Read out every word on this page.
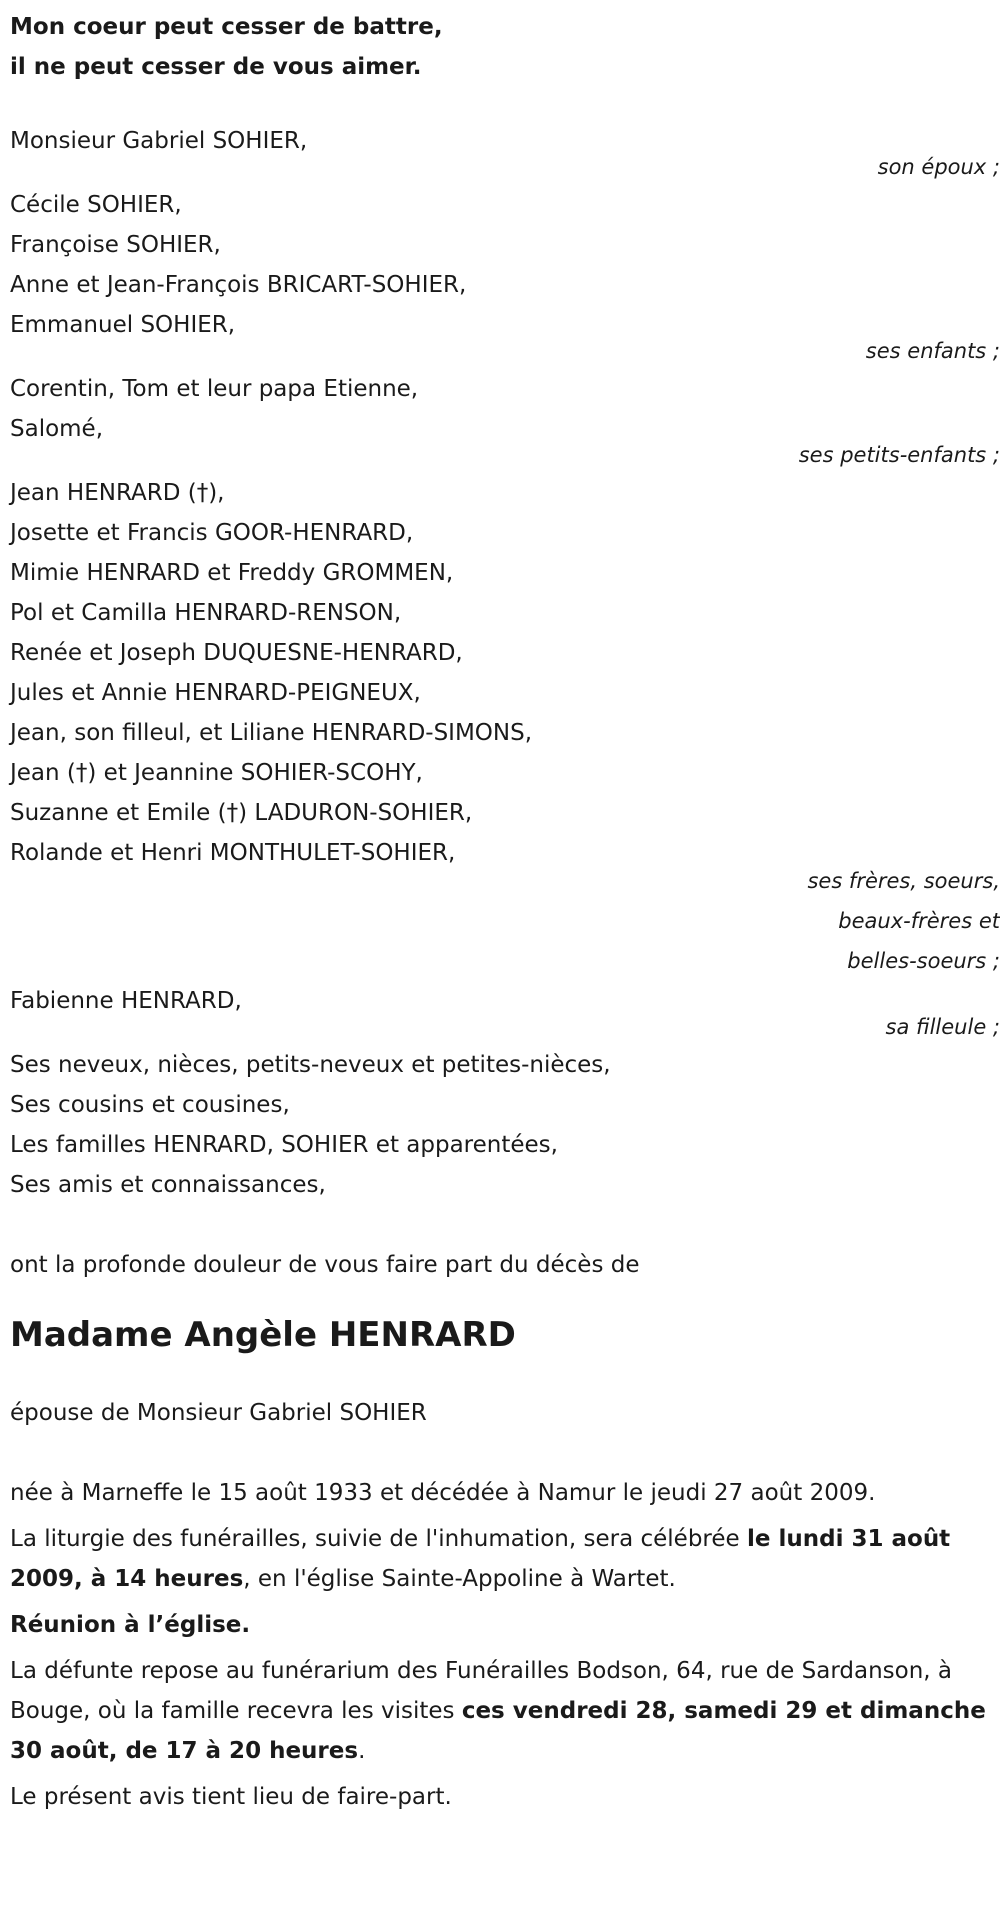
Mon coeur peut cesser de battre,
il ne peut cesser de vous aimer.
Monsieur Gabriel SOHIER,
son époux ;
Cécile SOHIER,
Françoise SOHIER,
Anne et Jean-François BRICART-SOHIER,
Emmanuel SOHIER,
ses enfants ;
Corentin, Tom et leur papa Etienne,
Salomé,
ses petits-enfants ;
Jean HENRARD (†),
Josette et Francis GOOR-HENRARD,
Mimie HENRARD et Freddy GROMMEN,
Pol et Camilla HENRARD-RENSON,
Renée et Joseph DUQUESNE-HENRARD,
Jules et Annie HENRARD-PEIGNEUX,
Jean, son filleul, et Liliane HENRARD-SIMONS,
Jean (†) et Jeannine SOHIER-SCOHY,
Suzanne et Emile (†) LADURON-SOHIER,
Rolande et Henri MONTHULET-SOHIER,
ses frères, soeurs,
beaux-frères et
belles-soeurs ;
Fabienne HENRARD,
sa filleule ;
Ses neveux, nièces, petits-neveux et petites-nièces,
Ses cousins et cousines,
Les familles HENRARD, SOHIER et apparentées,
Ses amis et connaissances,
ont la profonde douleur de vous faire part du décès de
Madame Angèle HENRARD
épouse de Monsieur Gabriel SOHIER
née à Marneffe le 15 août 1933 et décédée à Namur le jeudi 27 août 2009.
La liturgie des funérailles, suivie de l'inhumation, sera célébrée le lundi 31 août 2009, à 14 heures, en l'église Sainte-Appoline à Wartet.
Réunion à l’église.
La défunte repose au funérarium des Funérailles Bodson, 64, rue de Sardanson, à Bouge, où la famille recevra les visites ces vendredi 28, samedi 29 et dimanche 30 août, de 17 à 20 heures.
Le présent avis tient lieu de faire-part.
